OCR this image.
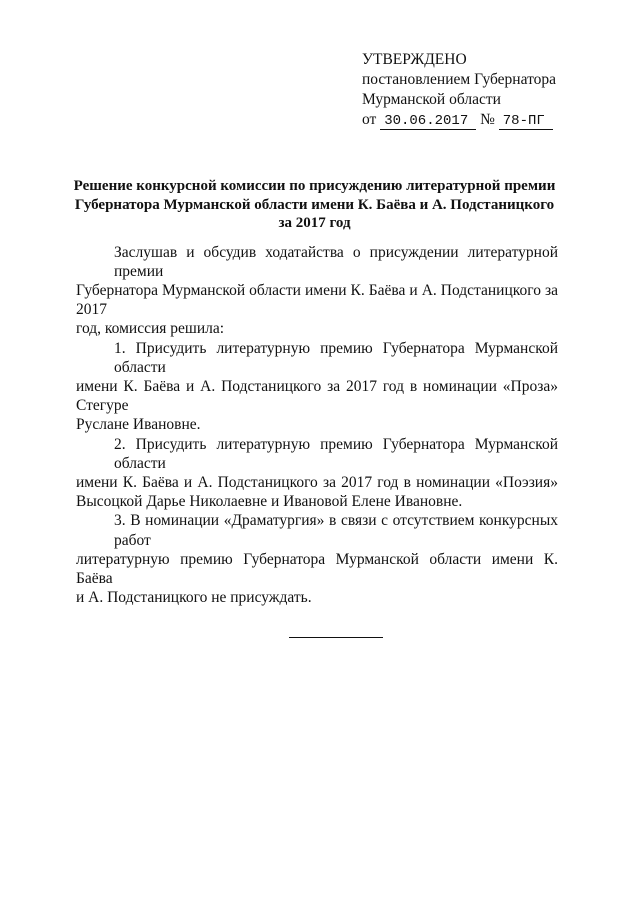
УТВЕРЖДЕНО
постановлением Губернатора
Мурманской области
от 30.06.2017 № 78-ПГ
Решение конкурсной комиссии по присуждению литературной премии
Губернатора Мурманской области имени К. Баёва и А. Подстаницкого
за 2017 год
Заслушав и обсудив ходатайства о присуждении литературной премии
Губернатора Мурманской области имени К. Баёва и А. Подстаницкого за 2017
год, комиссия решила:
1. Присудить литературную премию Губернатора Мурманской области
имени К. Баёва и А. Подстаницкого за 2017 год в номинации «Проза» Стегуре
Руслане Ивановне.
2. Присудить литературную премию Губернатора Мурманской области
имени К. Баёва и А. Подстаницкого за 2017 год в номинации «Поэзия»
Высоцкой Дарье Николаевне и Ивановой Елене Ивановне.
3. В номинации «Драматургия» в связи с отсутствием конкурсных работ
литературную премию Губернатора Мурманской области имени К. Баёва
и А. Подстаницкого не присуждать.
